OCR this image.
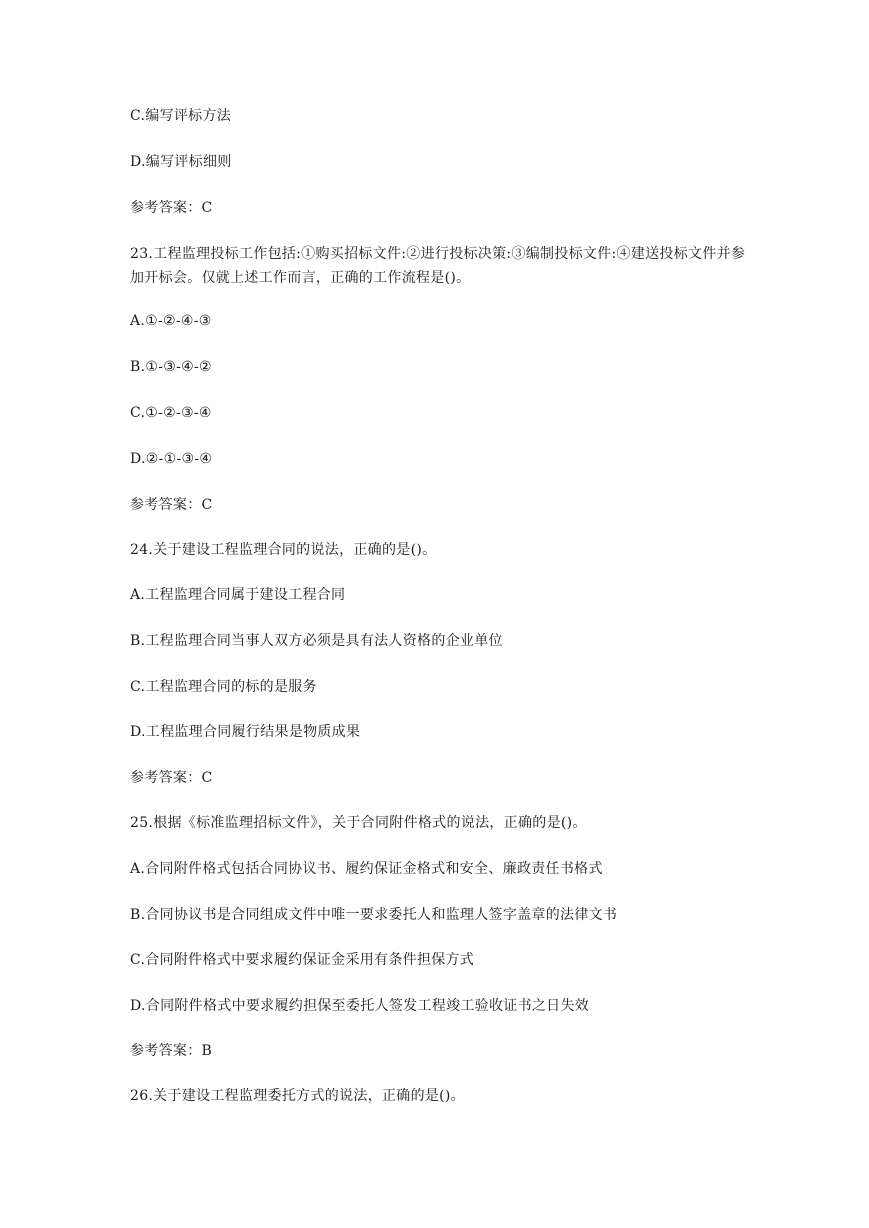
C.编写评标方法
D.编写评标细则
参考答案：C
23.工程监理投标工作包括:①购买招标文件:②进行投标决策:③编制投标文件:④建送投标文件并参加开标会。仅就上述工作而言，正确的工作流程是()。
A.①-②-④-③
B.①-③-④-②
C.①-②-③-④
D.②-①-③-④
参考答案：C
24.关于建设工程监理合同的说法，正确的是()。
A.工程监理合同属于建设工程合同
B.工程监理合同当事人双方必须是具有法人资格的企业单位
C.工程监理合同的标的是服务
D.工程监理合同履行结果是物质成果
参考答案：C
25.根据《标准监理招标文件》，关于合同附件格式的说法，正确的是()。
A.合同附件格式包括合同协议书、履约保证金格式和安全、廉政责任书格式
B.合同协议书是合同组成文件中唯一要求委托人和监理人签字盖章的法律文书
C.合同附件格式中要求履约保证金采用有条件担保方式
D.合同附件格式中要求履约担保至委托人签发工程竣工验收证书之日失效
参考答案：B
26.关于建设工程监理委托方式的说法，正确的是()。
